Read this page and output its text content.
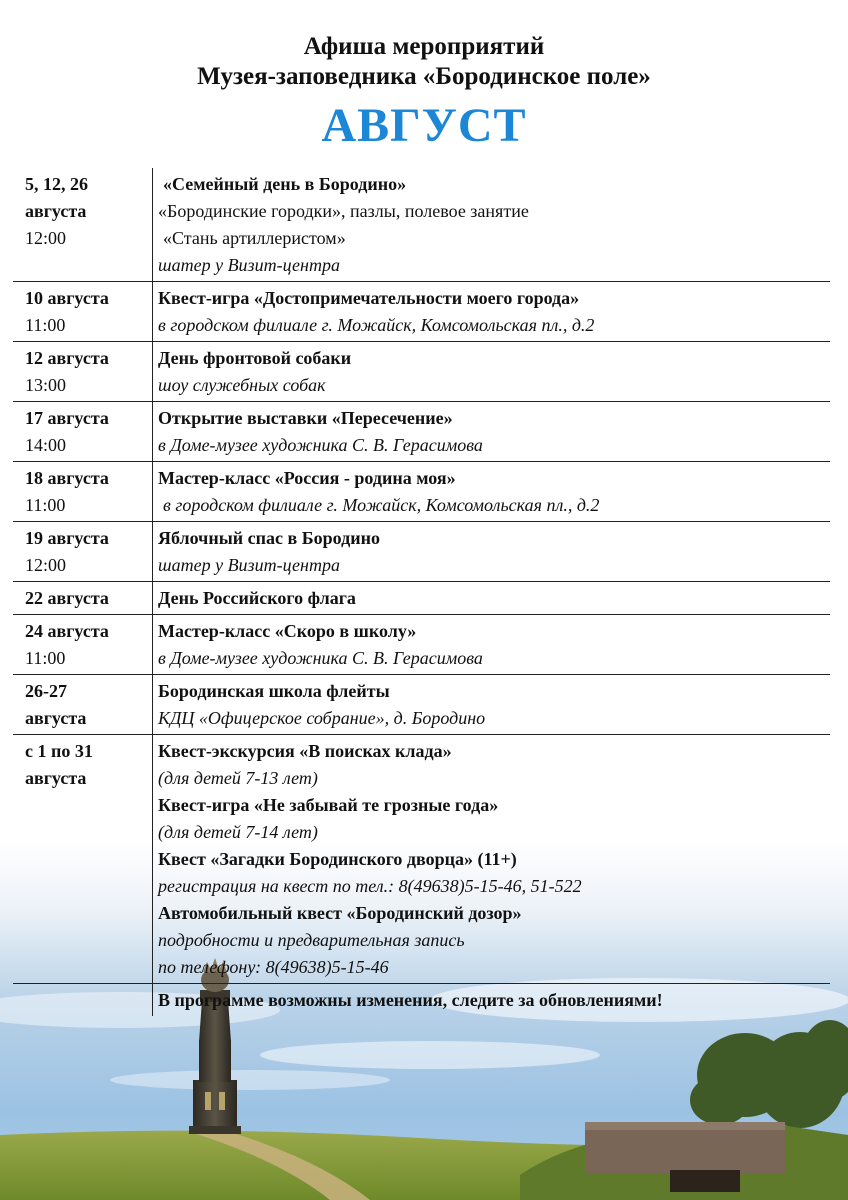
Афиша мероприятий
Музея-заповедника «Бородинское поле»
АВГУСТ
5, 12, 26
августа
12:00
«Семейный день в Бородино»
«Бородинские городки», пазлы, полевое занятие
«Стань артиллеристом»
шатер у Визит-центра
10 августа
11:00
Квест-игра «Достопримечательности моего города»
в городском филиале г. Можайск, Комсомольская пл., д.2
12 августа
13:00
День фронтовой собаки
шоу служебных собак
17 августа
14:00
Открытие выставки «Пересечение»
в Доме-музее художника С. В. Герасимова
18 августа
11:00
Мастер-класс «Россия - родина моя»
в городском филиале г. Можайск, Комсомольская пл., д.2
19 августа
12:00
Яблочный спас в Бородино
шатер у Визит-центра
22 августа	День Российского флага
24 августа
11:00
Мастер-класс «Скоро в школу»
в Доме-музее художника С. В. Герасимова
26-27
августа
Бородинская школа флейты
КДЦ «Офицерское собрание», д. Бородино
с 1 по 31
августа
Квест-экскурсия «В поисках клада»
(для детей 7-13 лет)
Квест-игра «Не забывай те грозные года»
(для детей 7-14 лет)
Квест «Загадки Бородинского дворца» (11+)
регистрация на квест по тел.: 8(49638)5-15-46, 51-522
Автомобильный квест «Бородинский дозор»
подробности и предварительная запись
по телефону: 8(49638)5-15-46
В программе возможны изменения, следите за обновлениями!
